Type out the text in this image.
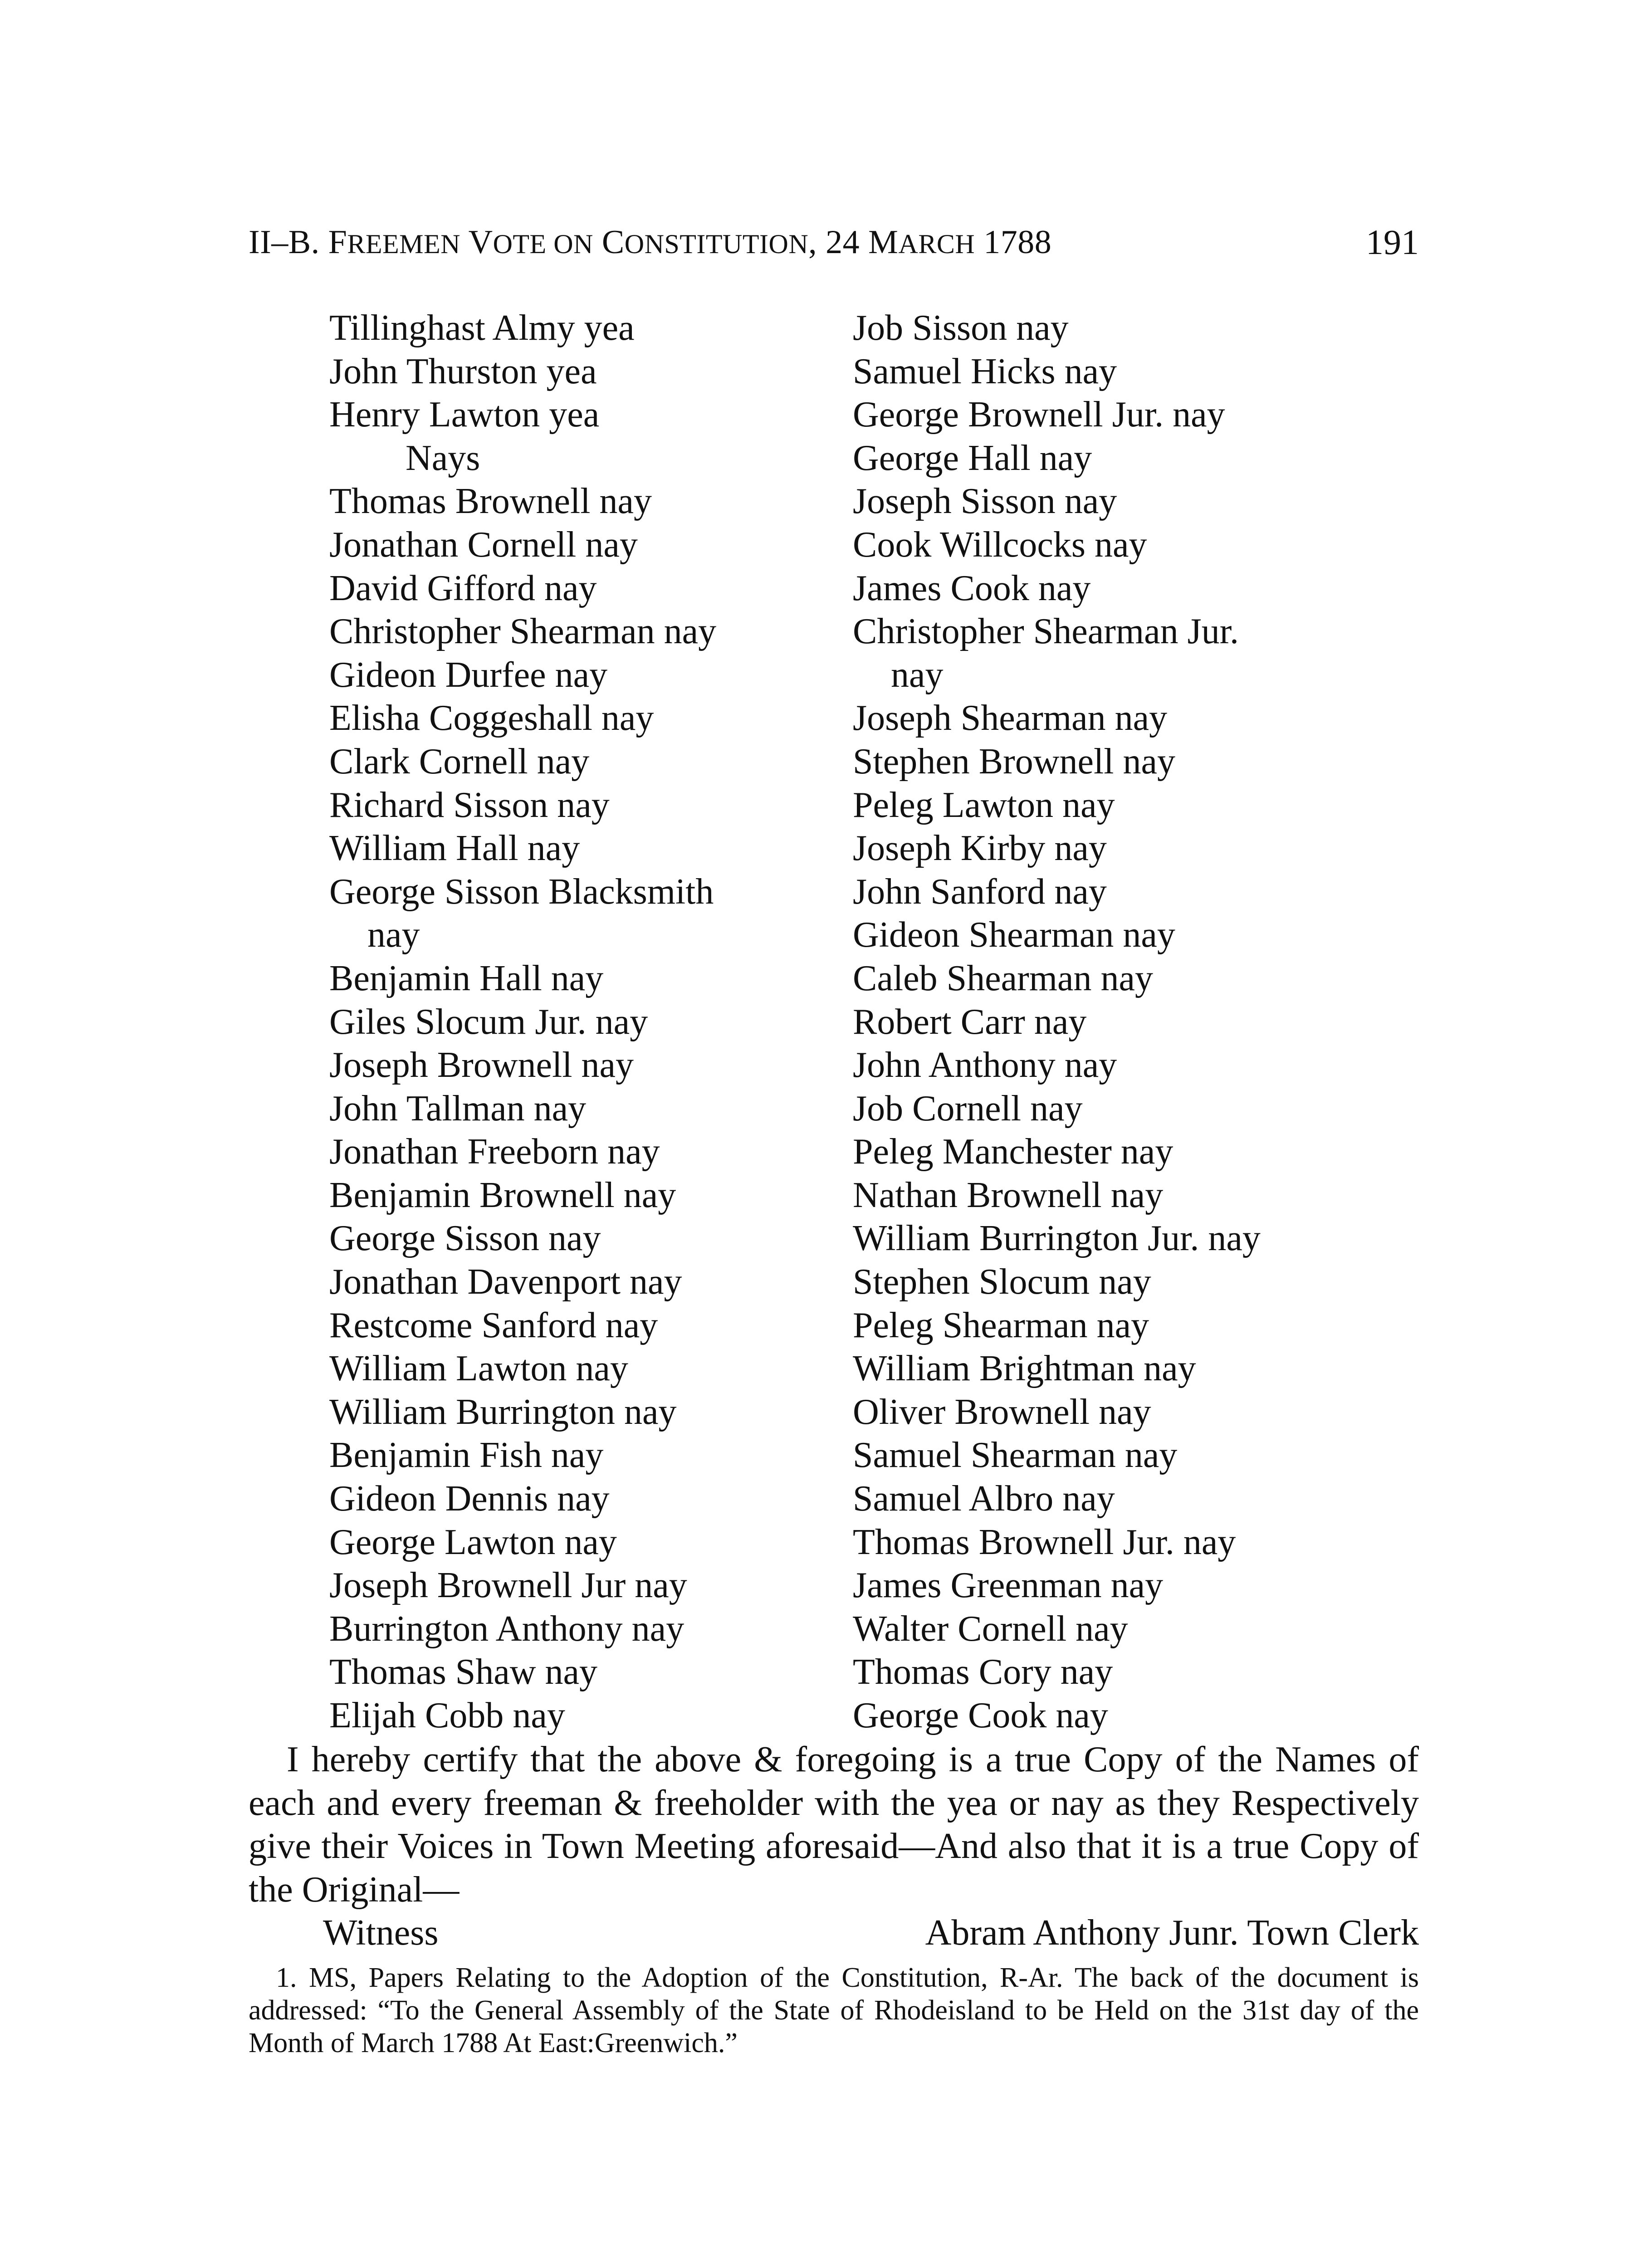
II–B. FREEMEN VOTE ON CONSTITUTION, 24 MARCH 1788	191
Tillinghast Almy yea
John Thurston yea
Henry Lawton yea
Nays
Thomas Brownell nay
Jonathan Cornell nay
David Gifford nay
Christopher Shearman nay
Gideon Durfee nay
Elisha Coggeshall nay
Clark Cornell nay
Richard Sisson nay
William Hall nay
George Sisson Blacksmith
nay
Benjamin Hall nay
Giles Slocum Jur. nay
Joseph Brownell nay
John Tallman nay
Jonathan Freeborn nay
Benjamin Brownell nay
George Sisson nay
Jonathan Davenport nay
Restcome Sanford nay
William Lawton nay
William Burrington nay
Benjamin Fish nay
Gideon Dennis nay
George Lawton nay
Joseph Brownell Jur nay
Burrington Anthony nay
Thomas Shaw nay
Elijah Cobb nay
Job Sisson nay
Samuel Hicks nay
George Brownell Jur. nay
George Hall nay
Joseph Sisson nay
Cook Willcocks nay
James Cook nay
Christopher Shearman Jur.
nay
Joseph Shearman nay
Stephen Brownell nay
Peleg Lawton nay
Joseph Kirby nay
John Sanford nay
Gideon Shearman nay
Caleb Shearman nay
Robert Carr nay
John Anthony nay
Job Cornell nay
Peleg Manchester nay
Nathan Brownell nay
William Burrington Jur. nay
Stephen Slocum nay
Peleg Shearman nay
William Brightman nay
Oliver Brownell nay
Samuel Shearman nay
Samuel Albro nay
Thomas Brownell Jur. nay
James Greenman nay
Walter Cornell nay
Thomas Cory nay
George Cook nay

I hereby certify that the above & foregoing is a true Copy of the Names of each and every freeman & freeholder with the yea or nay as they Respectively give their Voices in Town Meeting aforesaid—And also that it is a true Copy of the Original—

Witness	Abram Anthony Junr. Town Clerk

1. MS, Papers Relating to the Adoption of the Constitution, R-Ar. The back of the document is addressed: “To the General Assembly of the State of Rhodeisland to be Held on the 31st day of the Month of March 1788 At East:Greenwich.”
